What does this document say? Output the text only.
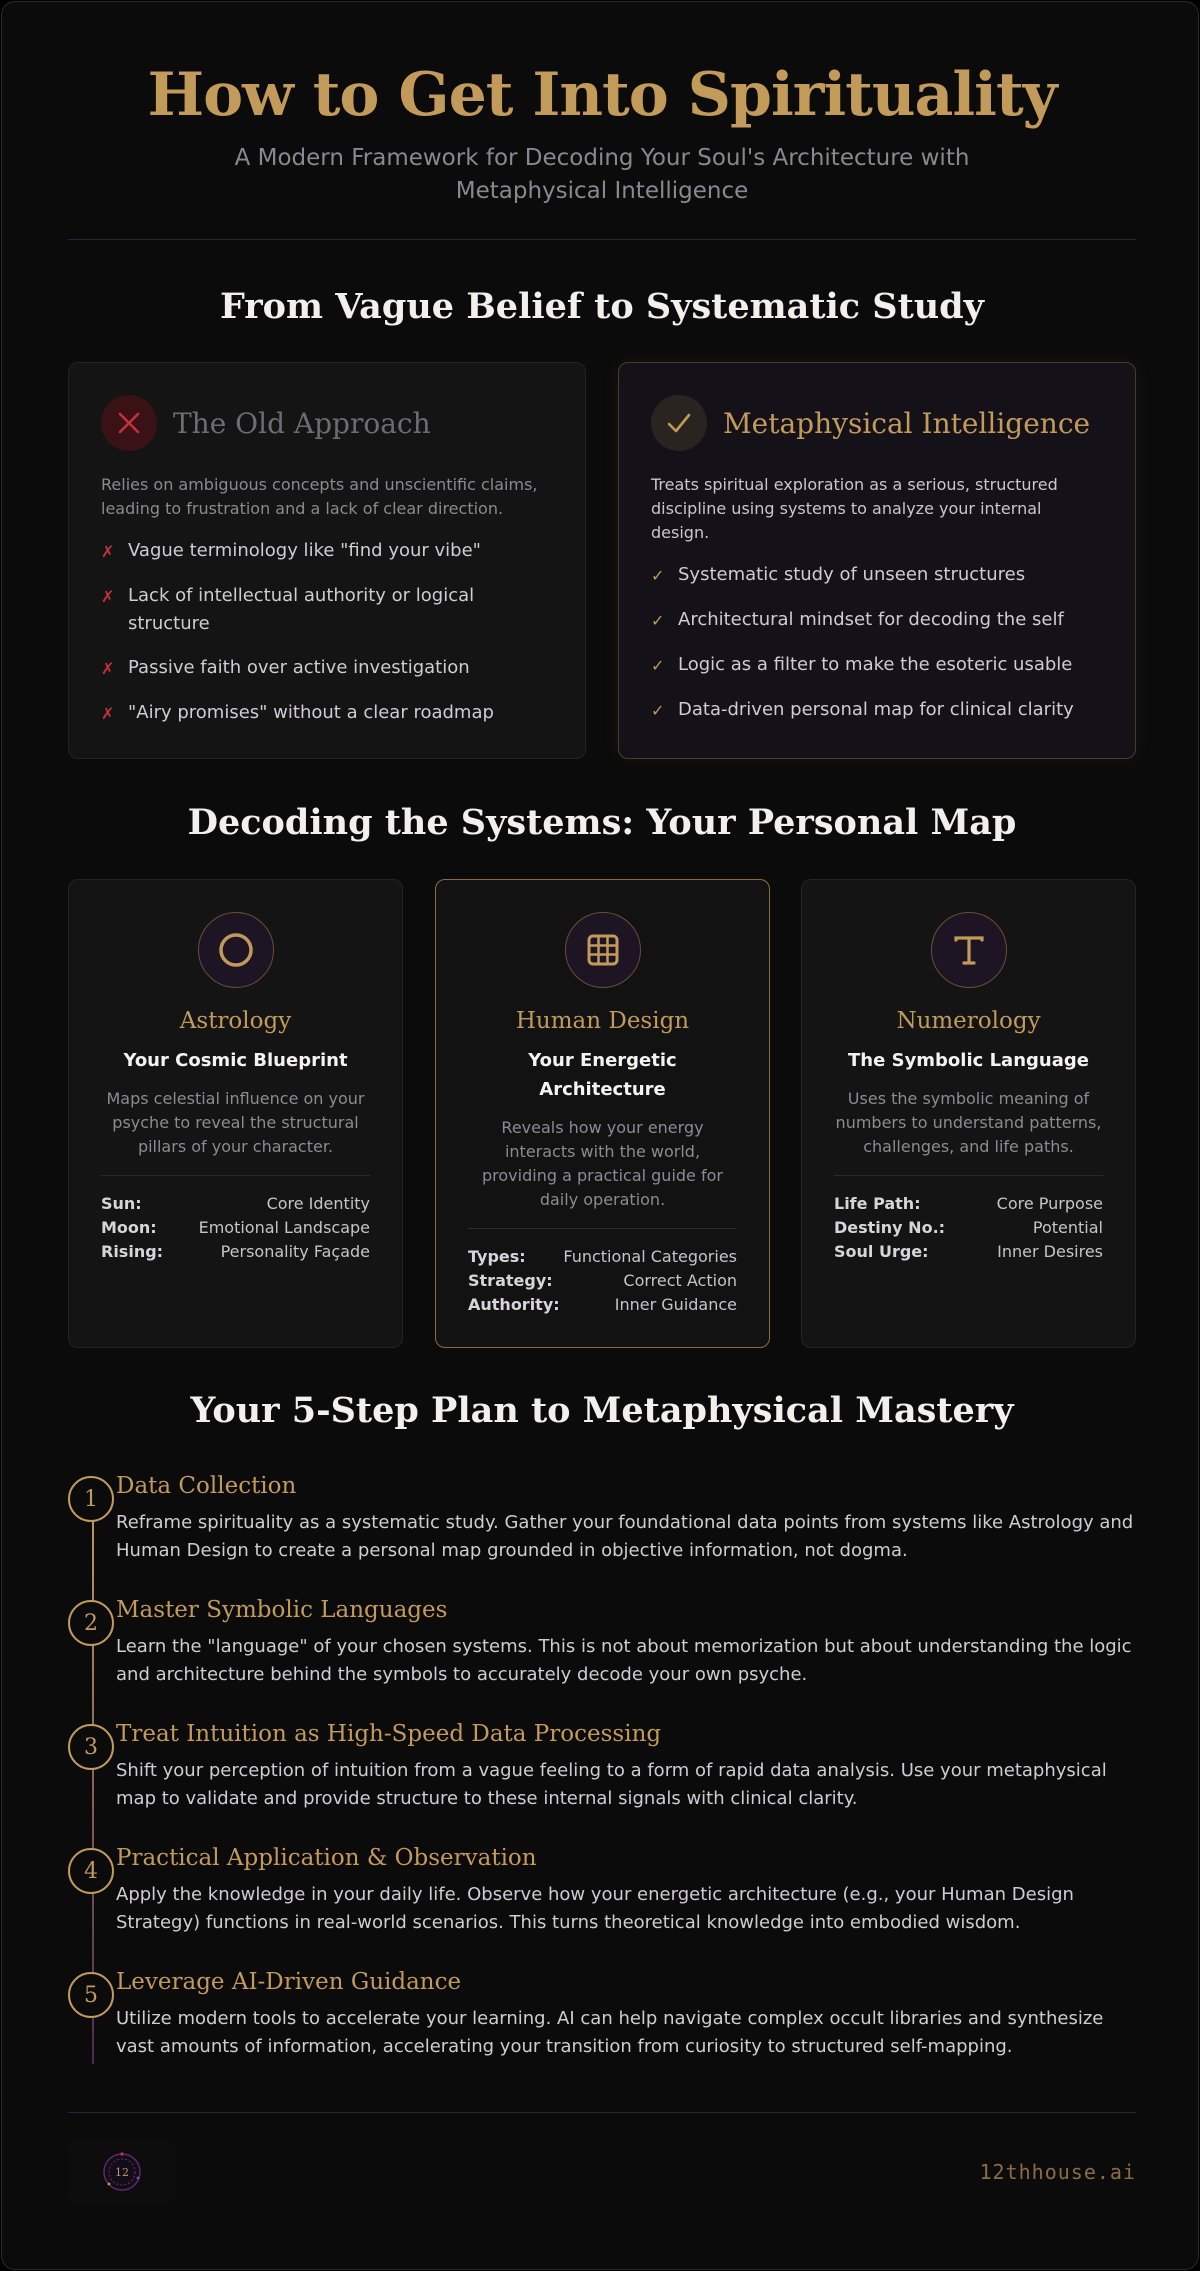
How to Get Into Spirituality
A Modern Framework for Decoding Your Soul's Architecture with Metaphysical Intelligence
From Vague Belief to Systematic Study
The Old Approach

Relies on ambiguous concepts and unscientific claims, leading to frustration and a lack of clear direction.

✗ Vague terminology like "find your vibe"
✗ Lack of intellectual authority or logical structure
✗ Passive faith over active investigation
✗ "Airy promises" without a clear roadmap
Metaphysical Intelligence

Treats spiritual exploration as a serious, structured discipline using systems to analyze your internal design.

✓ Systematic study of unseen structures
✓ Architectural mindset for decoding the self
✓ Logic as a filter to make the esoteric usable
✓ Data-driven personal map for clinical clarity
Decoding the Systems: Your Personal Map
Astrology
Your Cosmic Blueprint

Maps celestial influence on your psyche to reveal the structural pillars of your character.

Sun:	Core Identity
Moon:	Emotional Landscape
Rising:	Personality Façade
Human Design
Your Energetic Architecture

Reveals how your energy interacts with the world, providing a practical guide for daily operation.

Types: Functional Categories
Strategy:	Correct Action
Authority:	Inner Guidance
Numerology
The Symbolic Language

Uses the symbolic meaning of numbers to understand patterns, challenges, and life paths.

Life Path:	Core Purpose
Destiny No.:	Potential
Soul Urge:	Inner Desires
Your 5-Step Plan to Metaphysical Mastery
1 Data Collection

Reframe spirituality as a systematic study. Gather your foundational data points from systems like Astrology and Human Design to create a personal map grounded in objective information, not dogma.

2 Master Symbolic Languages

Learn the "language" of your chosen systems. This is not about memorization but about understanding the logic and architecture behind the symbols to accurately decode your own psyche.

3 Treat Intuition as High-Speed Data Processing

Shift your perception of intuition from a vague feeling to a form of rapid data analysis. Use your metaphysical map to validate and provide structure to these internal signals with clinical clarity.

4 Practical Application & Observation

Apply the knowledge in your daily life. Observe how your energetic architecture (e.g., your Human Design Strategy) functions in real-world scenarios. This turns theoretical knowledge into embodied wisdom.

5 Leverage AI-Driven Guidance

Utilize modern tools to accelerate your learning. AI can help navigate complex occult libraries and synthesize vast amounts of information, accelerating your transition from curiosity to structured self-mapping.

12	12thhouse.ai
